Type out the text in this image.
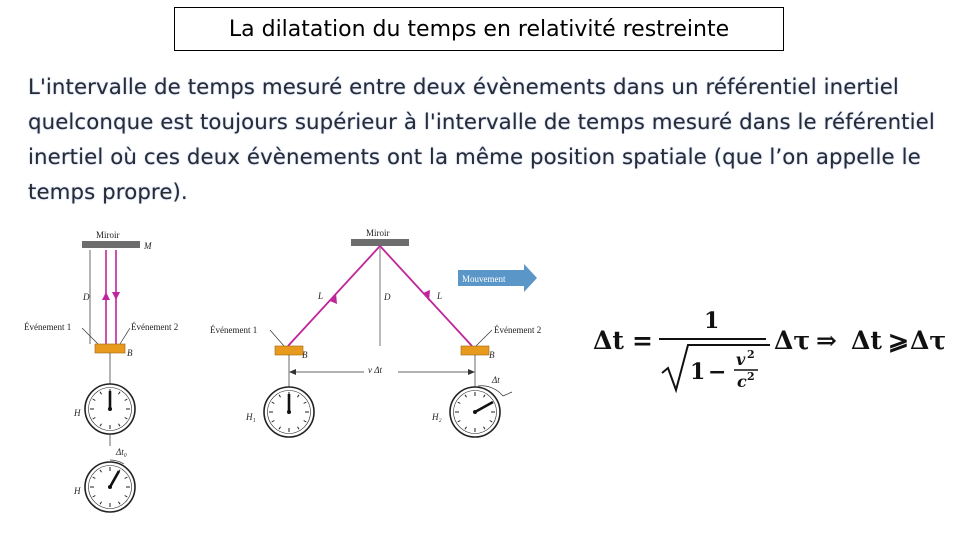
La dilatation du temps en relativité restreinte
L'intervalle de temps mesuré entre deux évènements dans un référentiel inertiel quelconque est toujours supérieur à l'intervalle de temps mesuré dans le référentiel inertiel où ces deux évènements ont la même position spatiale (que l’on appelle le temps propre).
Miroir
M
D
Événement 1	Événement 2
B
H
Δt₀
H
Miroir
Mouvement
L	L
D
Événement 1	Événement 2
B	B
v Δt
H₁	H₂
Δt
Δt =
1
1 − v 2
c 2
Δτ ⇒ Δt ⩾ Δτ
